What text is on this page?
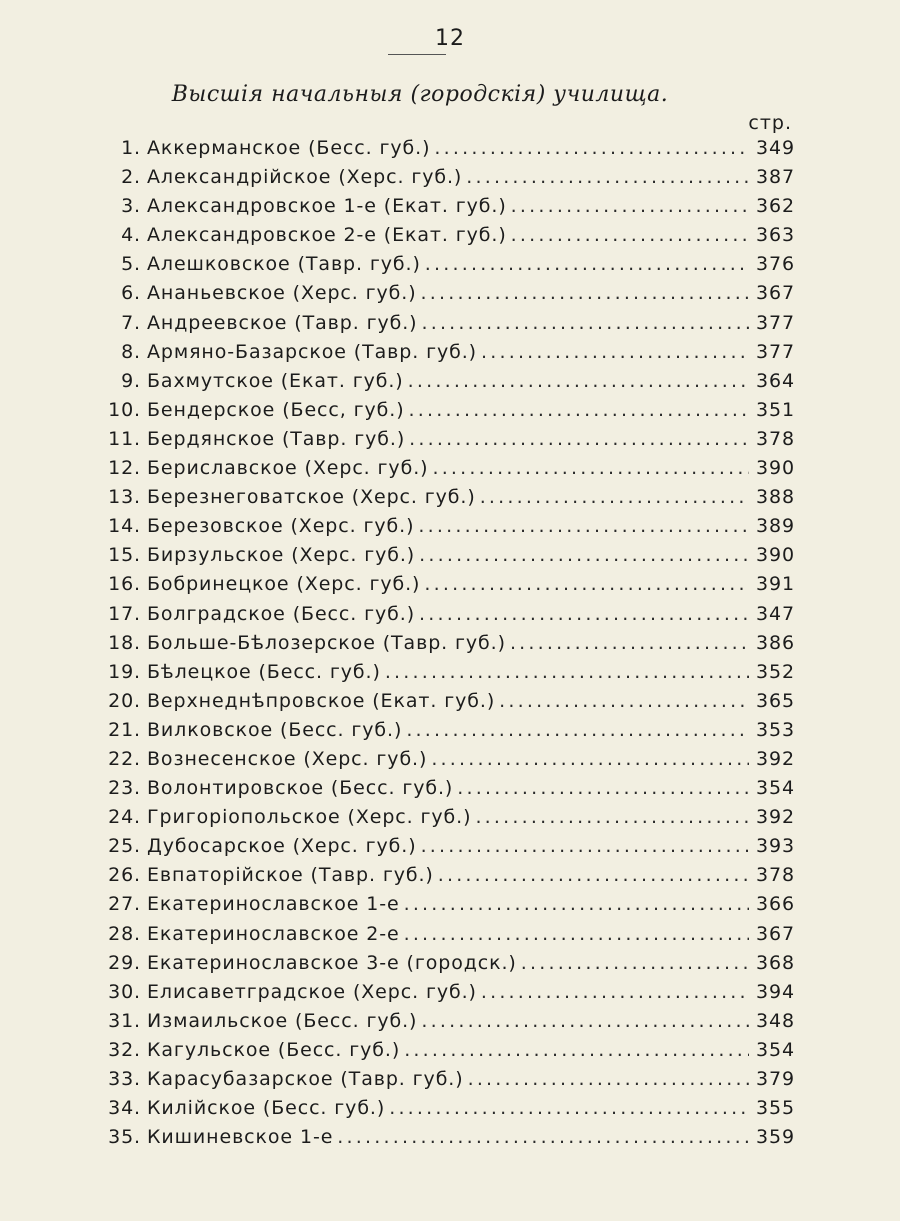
12
Высшія начальныя (городскія) училища.
стр.
1. Аккерманское (Бесс. губ.) .....	349
2. Александрійское (Херс. губ.) .....	387
3. Александровское 1-е (Екат. губ.) .....	362
4. Александровское 2-е (Екат. губ.) .....	363
5. Алешковское (Тавр. губ.) .....	376
6. Ананьевское (Херс. губ.) .....	367
7. Андреевское (Тавр. губ.) .....	377
8. Армяно-Базарское (Тавр. губ.) .....	377
9. Бахмутское (Екат. губ.) .....	364
10. Бендерское (Бесс, губ.) .....	351
11. Бердянское (Тавр. губ.) .....	378
12. Бериславское (Херс. губ.) .....	390
13. Березнеговатское (Херс. губ.) .....	388
14. Березовское (Херс. губ.) .....	389
15. Бирзульское (Херс. губ.) .....	390
16. Бобринецкое (Херс. губ.) .....	391
17. Болградское (Бесс. губ.) .....	347
18. Больше-Бѣлозерское (Тавр. губ.) .....	386
19. Бѣлецкое (Бесс. губ.) .....	352
20. Верхнеднѣпровское (Екат. губ.) .....	365
21. Вилковское (Бесс. губ.) .....	353
22. Вознесенское (Херс. губ.) .....	392
23. Волонтировское (Бесс. губ.) .....	354
24. Григоріопольское (Херс. губ.) .....	392
25. Дубосарское (Херс. губ.) .....	393
26. Евпаторійское (Тавр. губ.) .....	378
27. Екатеринославское 1-е .....	366
28. Екатеринославское 2-е .....	367
29. Екатеринославское 3-е (городск.) .....	368
30. Елисаветградское (Херс. губ.) .....	394
31. Измаильское (Бесс. губ.) .....	348
32. Кагульское (Бесс. губ.) .....	354
33. Карасубазарское (Тавр. губ.) .....	379
34. Килійское (Бесс. губ.) .....	355
35. Кишиневское 1-е .....	359
